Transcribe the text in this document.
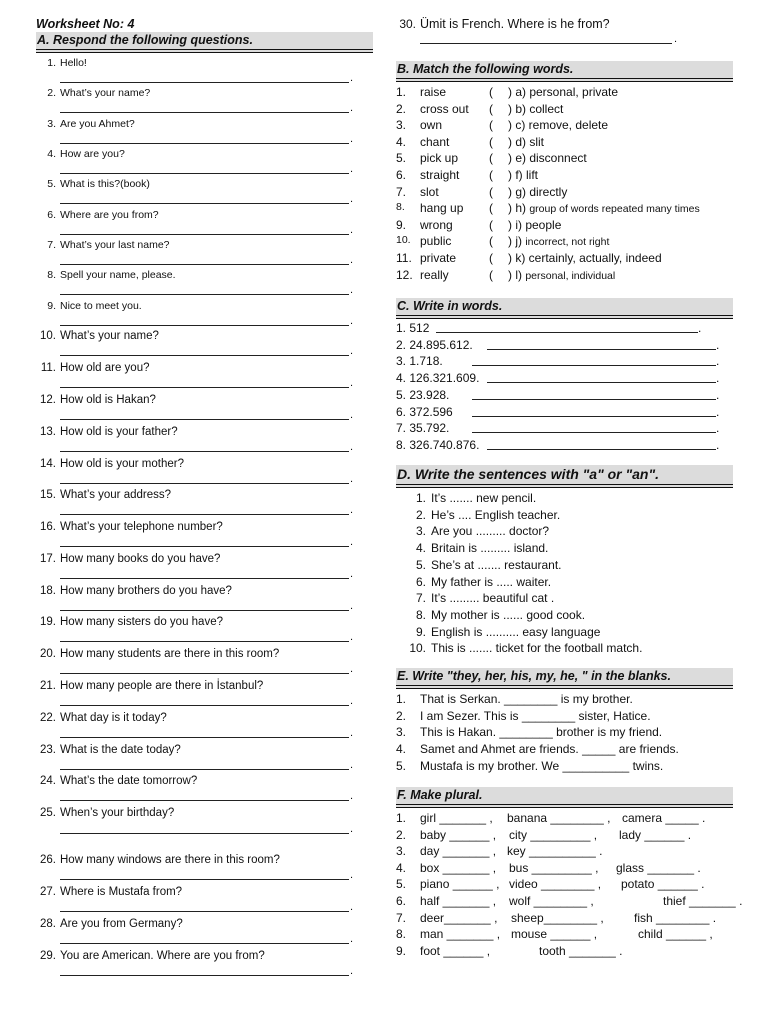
Worksheet No: 4
A. Respond the following questions.
1. Hello!
.
2. What’s your name?
.
3. Are you Ahmet?
.
4. How are you?
.
5. What is this?(book)
.
6. Where are you from?
.
7. What’s your last name?
.
8. Spell your name, please.
.
9. Nice to meet you.
.
10. What’s your name?
.
11. How old are you?
.
12. How old is Hakan?
.
13. How old is your father?
.
14. How old is your mother?
.
15. What’s your address?
.
16. What’s your telephone number?
.
17. How many books do you have?
.
18. How many brothers do you have?
.
19. How many sisters do you have?
.
20. How many students are there in this room?
.
21. How many people are there in İstanbul?
.
22. What day is it today?
.
23. What is the date today?
.
24. What’s the date tomorrow?
.
25. When’s your birthday?
.
26. How many windows are there in this room?
.
27. Where is Mustafa from?
.
28. Are you from Germany?
.
29. You are American. Where are you from?
.
30. Ümit is French. Where is he from?
.
B. Match the following words.
1. raise	( ) a) personal, private
2. cross out ( ) b) collect
3. own	( ) c) remove, delete
4. chant	( ) d) slit
5. pick up	( ) e) disconnect
6. straight ( ) f) lift
7. slot	( ) g) directly
8. hang up ( ) h) group of words repeated many times
9. wrong	( ) i) people
10. public	( ) j) incorrect, not right
11. private	( ) k) certainly, actually, indeed
12. really	( ) l) personal, individual
C. Write in words.
1. 512	.
2. 24.895.612.	.
3. 1.718.	.
4. 126.321.609.	.
5. 23.928.	.
6. 372.596	.
7. 35.792.	.
8. 326.740.876.	.
D. Write the sentences with "a" or "an".
1. It’s ....... new pencil.
2. He’s .... English teacher.
3. Are you ......... doctor?
4. Britain is ......... island.
5. She’s at ....... restaurant.
6. My father is ..... waiter.
7. It’s ......... beautiful cat .
8. My mother is ...... good cook.
9. English is .......... easy language
10. This is ....... ticket for the football match.
E. Write "they, her, his, my, he, " in the blanks.
1. That is Serkan. ________ is my brother.
2. I am Sezer. This is ________ sister, Hatice.
3. This is Hakan. ________ brother is my friend.
4. Samet and Ahmet are friends. _____ are friends.
5. Mustafa is my brother. We __________ twins.
F. Make plural.
1. girl _______ , banana ________ , camera _____ .
2. baby ______ , city _________ , lady ______ .
3. day _______ , key __________ .
4. box _______ , bus _________ , glass _______ .
5. piano ______ , video ________ , potato ______ .
6. half _______ , wolf ________ ,	thief _______ .
7. deer_______ , sheep________ ,	fish ________ .
8. man _______ , mouse ______ ,	child ______ ,
9. foot ______ ,	tooth _______ .
